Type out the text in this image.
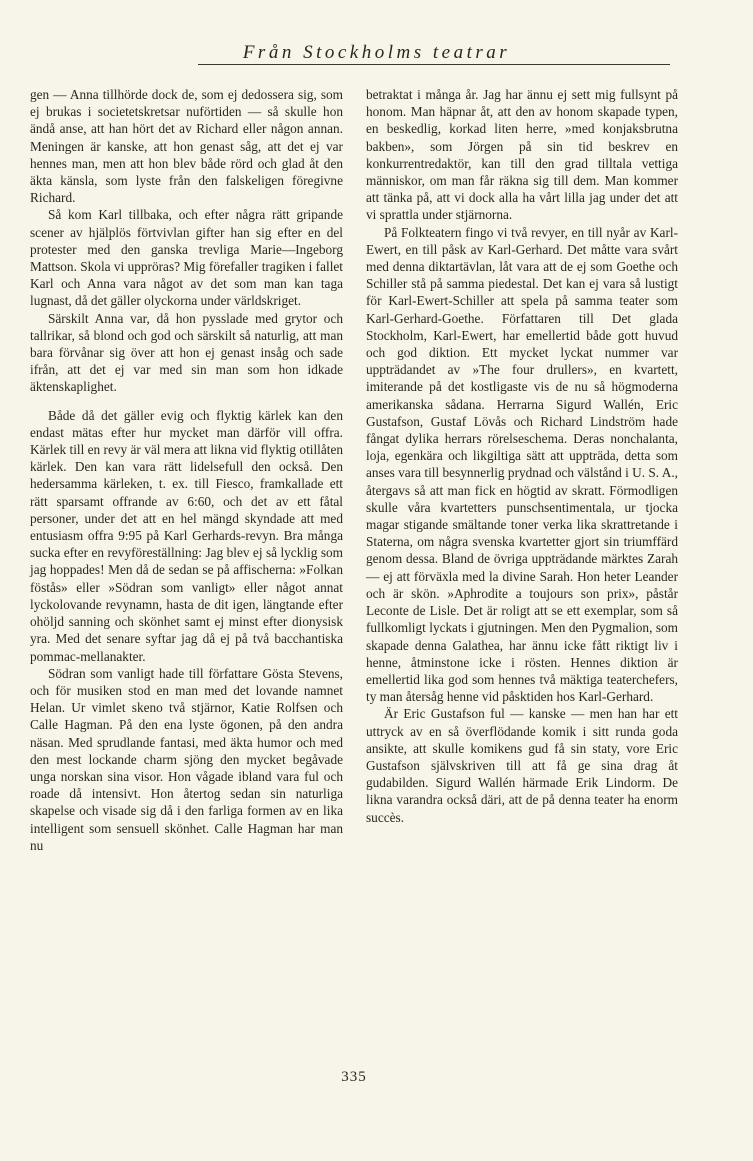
Från Stockholms teatrar

gen — Anna tillhörde dock de, som ej dedossera sig, som ej brukas i societetskretsar nuförtiden — så skulle hon ändå anse, att han hört det av Richard eller någon annan. Meningen är kanske, att hon genast såg, att det ej var hennes man, men att hon blev både rörd och glad åt den äkta känsla, som lyste från den falskeligen föregivne Richard.

Så kom Karl tillbaka, och efter några rätt gripande scener av hjälplös förtvivlan gifter han sig efter en del protester med den ganska trevliga Marie—Ingeborg Mattson. Skola vi uppröras? Mig förefaller tragiken i fallet Karl och Anna vara något av det som man kan taga lugnast, då det gäller olyckorna under världskriget.

Särskilt Anna var, då hon pysslade med grytor och tallrikar, så blond och god och särskilt så naturlig, att man bara förvånar sig över att hon ej genast insåg och sade ifrån, att det ej var med sin man som hon idkade äktenskaplighet.

Både då det gäller evig och flyktig kärlek kan den endast mätas efter hur mycket man därför vill offra. Kärlek till en revy är väl mera att likna vid flyktig otillåten kärlek. Den kan vara rätt lidelsefull den också. Den hedersamma kärleken, t. ex. till Fiesco, framkallade ett rätt sparsamt offrande av 6:60, och det av ett fåtal personer, under det att en hel mängd skyndade att med entusiasm offra 9:95 på Karl Gerhards-revyn. Bra många sucka efter en revyföreställning: Jag blev ej så lycklig som jag hoppades! Men då de sedan se på affischerna: »Folkan föstås» eller »Södran som vanligt» eller något annat lyckolovande revynamn, hasta de dit igen, längtande efter ohöljd sanning och skönhet samt ej minst efter dionysisk yra. Med det senare syftar jag då ej på två bacchantiska pommac-mellanakter.

Södran som vanligt hade till författare Gösta Stevens, och för musiken stod en man med det lovande namnet Helan. Ur vimlet skeno två stjärnor, Katie Rolfsen och Calle Hagman. På den ena lyste ögonen, på den andra näsan. Med sprudlande fantasi, med äkta humor och med den mest lockande charm sjöng den mycket begåvade unga norskan sina visor. Hon vågade ibland vara ful och roade då intensivt. Hon återtog sedan sin naturliga skapelse och visade sig då i den farliga formen av en lika intelligent som sensuell skönhet. Calle Hagman har man nu

betraktat i många år. Jag har ännu ej sett mig fullsynt på honom. Man häpnar åt, att den av honom skapade typen, en beskedlig, korkad liten herre, »med konjaksbrutna bakben», som Jörgen på sin tid beskrev en konkurrentredaktör, kan till den grad tilltala vettiga människor, om man får räkna sig till dem. Man kommer att tänka på, att vi dock alla ha vårt lilla jag under det att vi sprattla under stjärnorna.

På Folkteatern fingo vi två revyer, en till nyår av Karl-Ewert, en till påsk av Karl-Gerhard. Det måtte vara svårt med denna diktartävlan, låt vara att de ej som Goethe och Schiller stå på samma piedestal. Det kan ej vara så lustigt för Karl-Ewert-Schiller att spela på samma teater som Karl-Gerhard-Goethe. Författaren till Det glada Stockholm, Karl-Ewert, har emellertid både gott huvud och god diktion. Ett mycket lyckat nummer var uppträdandet av »The four drullers», en kvartett, imiterande på det kostligaste vis de nu så högmoderna amerikanska sådana. Herrarna Sigurd Wallén, Eric Gustafson, Gustaf Lövås och Richard Lindström hade fångat dylika herrars rörelseschema. Deras nonchalanta, loja, egenkära och likgiltiga sätt att uppträda, detta som anses vara till besynnerlig prydnad och välstånd i U. S. A., återgavs så att man fick en högtid av skratt. Förmodligen skulle våra kvartetters punschsentimentala, ur tjocka magar stigande smältande toner verka lika skrattretande i Staterna, om några svenska kvartetter gjort sin triumffärd genom dessa. Bland de övriga uppträdande märktes Zarah — ej att förväxla med la divine Sarah. Hon heter Leander och är skön. »Aphrodite a toujours son prix», påstår Leconte de Lisle. Det är roligt att se ett exemplar, som så fullkomligt lyckats i gjutningen. Men den Pygmalion, som skapade denna Galathea, har ännu icke fått riktigt liv i henne, åtminstone icke i rösten. Hennes diktion är emellertid lika god som hennes två mäktiga teaterchefers, ty man återsåg henne vid påsktiden hos Karl-Gerhard.

Är Eric Gustafson ful — kanske — men han har ett uttryck av en så överflödande komik i sitt runda goda ansikte, att skulle komikens gud få sin staty, vore Eric Gustafson självskriven till att få ge sina drag åt gudabilden. Sigurd Wallén härmade Erik Lindorm. De likna varandra också däri, att de på denna teater ha enorm succès.

335
